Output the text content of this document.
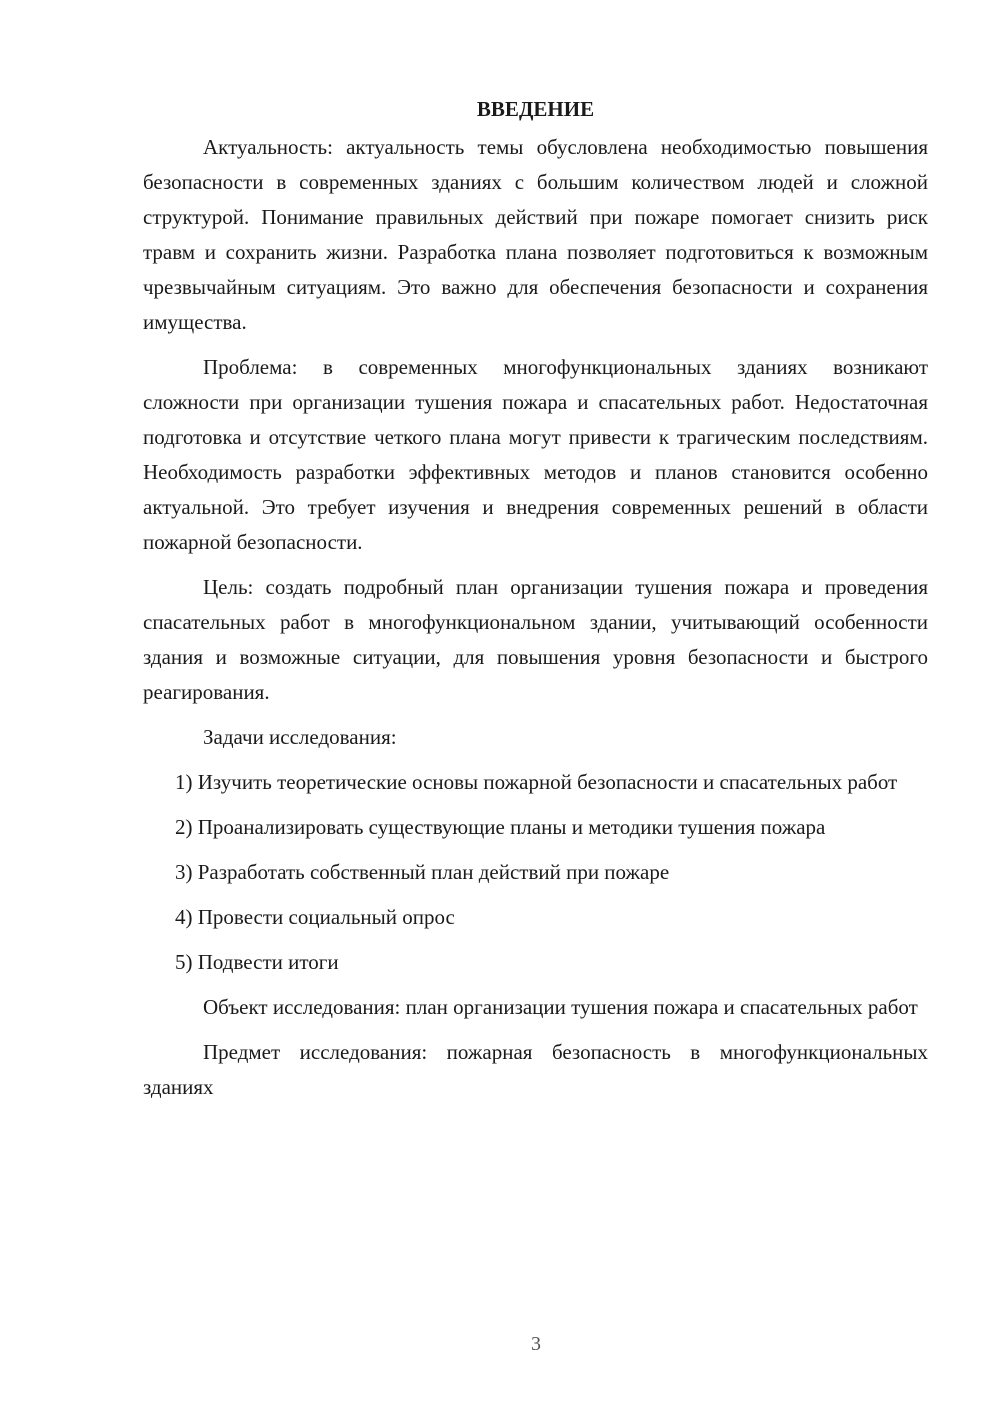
ВВЕДЕНИЕ

Актуальность: актуальность темы обусловлена необходимостью повышения безопасности в современных зданиях с большим количеством людей и сложной структурой. Понимание правильных действий при пожаре помогает снизить риск травм и сохранить жизни. Разработка плана позволяет подготовиться к возможным чрезвычайным ситуациям. Это важно для обеспечения безопасности и сохранения имущества.

Проблема: в современных многофункциональных зданиях возникают сложности при организации тушения пожара и спасательных работ. Недостаточная подготовка и отсутствие четкого плана могут привести к трагическим последствиям. Необходимость разработки эффективных методов и планов становится особенно актуальной. Это требует изучения и внедрения современных решений в области пожарной безопасности.

Цель: создать подробный план организации тушения пожара и проведения спасательных работ в многофункциональном здании, учитывающий особенности здания и возможные ситуации, для повышения уровня безопасности и быстрого реагирования.

Задачи исследования:

1) Изучить теоретические основы пожарной безопасности и спасательных работ

2) Проанализировать существующие планы и методики тушения пожара

3) Разработать собственный план действий при пожаре

4) Провести социальный опрос

5) Подвести итоги

Объект исследования: план организации тушения пожара и спасательных работ

Предмет исследования: пожарная безопасность в многофункциональных зданиях

3
